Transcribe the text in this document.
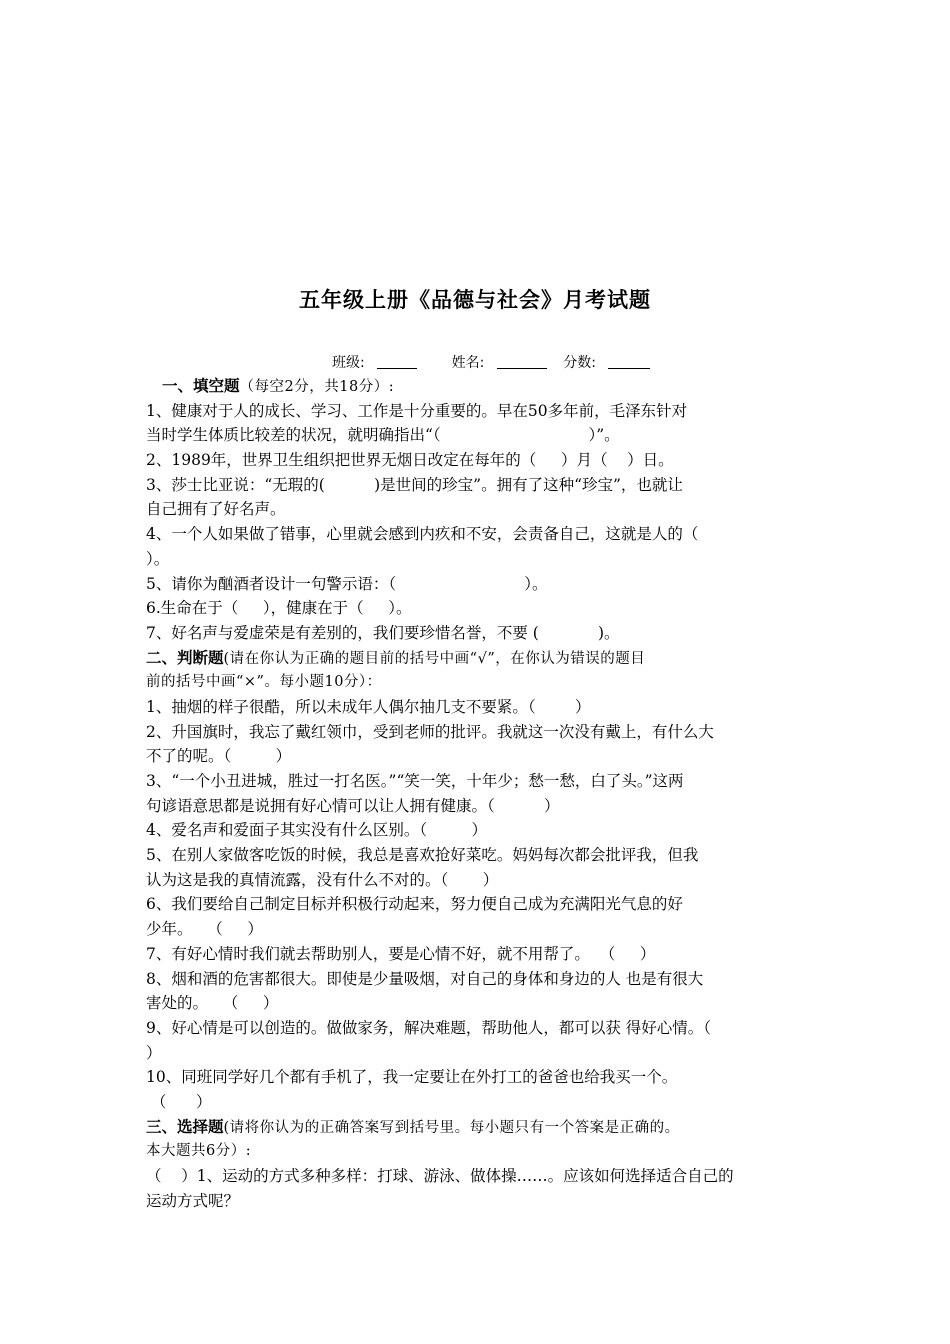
五年级上册《品德与社会》月考试题
班级:	姓名:	分数:
一、填空题（每空2分，共18分）:
1、健康对于人的成长、学习、工作是十分重要的。早在50多年前，毛泽东针对
当时学生体质比较差的状况，就明确指出“（                              ）”。
2、1989年，世界卫生组织把世界无烟日改定在每年的（     ）月（    ）日。
3、莎士比亚说：“无瑕的(          )是世间的珍宝”。拥有了这种“珍宝”，也就让
自己拥有了好名声。
4、一个人如果做了错事，心里就会感到内疚和不安，会责备自己，这就是人的（
）。
5、请你为酗酒者设计一句警示语：（                          ）。
6.生命在于（     ），健康在于（     ）。
7、好名声与爱虚荣是有差别的，我们要珍惜名誉，不要 (            )。
二、判断题(请在你认为正确的题目前的括号中画“√”，在你认为错误的题目
前的括号中画“×”。每小题10分）：
1、抽烟的样子很酷，所以未成年人偶尔抽几支不要紧。（        ）
2、升国旗时，我忘了戴红领巾，受到老师的批评。我就这一次没有戴上，有什么大
不了的呢。（         ）
3、“一个小丑进城，胜过一打名医。”“笑一笑，十年少；愁一愁，白了头。”这两
句谚语意思都是说拥有好心情可以让人拥有健康。（          ）
4、爱名声和爱面子其实没有什么区别。（         ）
5、在别人家做客吃饭的时候，我总是喜欢抢好菜吃。妈妈每次都会批评我，但我
认为这是我的真情流露，没有什么不对的。（       ）
6、我们要给自己制定目标并积极行动起来，努力便自己成为充满阳光气息的好
少年。   （     ）
7、有好心情时我们就去帮助别人，要是心情不好，就不用帮了。  （     ）
8、烟和酒的危害都很大。即使是少量吸烟，对自己的身体和身边的人 也是有很大
害处的。   （     ）
9、好心情是可以创造的。做做家务，解决难题，帮助他人，都可以获 得好心情。（
）
10、同班同学好几个都有手机了，我一定要让在外打工的爸爸也给我买一个。
（      ）
三、选择题(请将你认为的正确答案写到括号里。每小题只有一个答案是正确的。
本大题共6分）:
（    ）1、运动的方式多种多样：打球、游泳、做体操……。应该如何选择适合自己的
运动方式呢？
